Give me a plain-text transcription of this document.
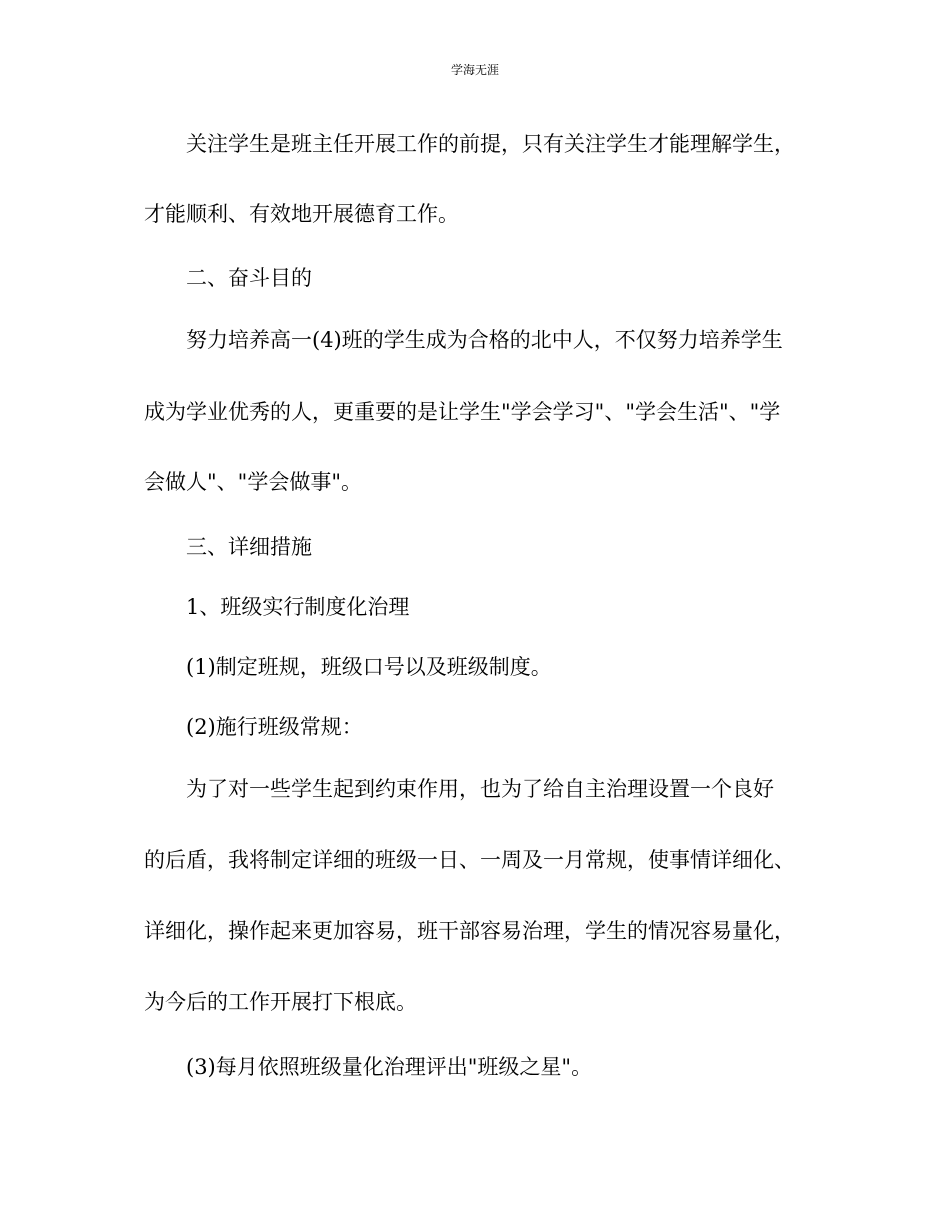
学海无涯
关注学生是班主任开展工作的前提，只有关注学生才能理解学生，
才能顺利、有效地开展德育工作。
二、奋斗目的
努力培养高一(4)班的学生成为合格的北中人，不仅努力培养学生
成为学业优秀的人，更重要的是让学生"学会学习"、"学会生活"、"学
会做人"、"学会做事"。
三、详细措施
1、班级实行制度化治理
(1)制定班规，班级口号以及班级制度。
(2)施行班级常规：
为了对一些学生起到约束作用，也为了给自主治理设置一个良好
的后盾，我将制定详细的班级一日、一周及一月常规，使事情详细化、
详细化，操作起来更加容易，班干部容易治理，学生的情况容易量化，
为今后的工作开展打下根底。
(3)每月依照班级量化治理评出"班级之星"。
